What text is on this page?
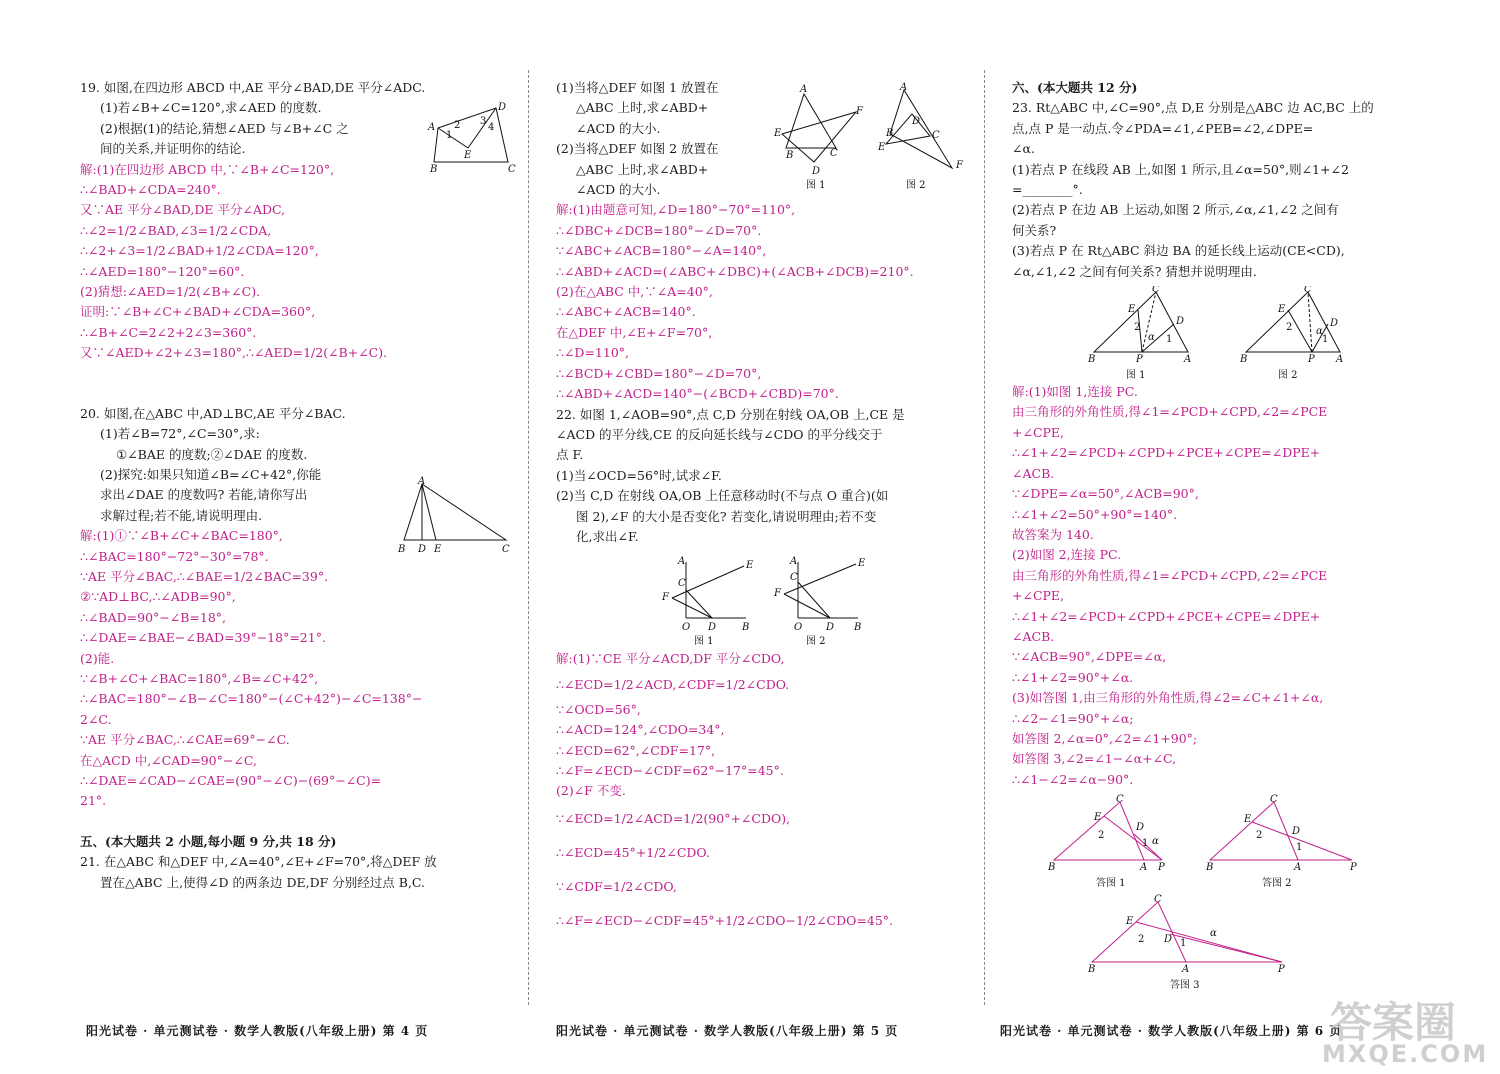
19. 如图,在四边形 ABCD 中,AE 平分∠BAD,DE 平分∠ADC.
(1)若∠B+∠C=120°,求∠AED 的度数.
(2)根据(1)的结论,猜想∠AED 与∠B+∠C 之
间的关系,并证明你的结论.
解:(1)在四边形 ABCD 中,∵∠B+∠C=120°,
∴∠BAD+∠CDA=240°.
又∵AE 平分∠BAD,DE 平分∠ADC,
∴∠2=1/2∠BAD,∠3=1/2∠CDA,
∴∠2+∠3=1/2∠BAD+1/2∠CDA=120°,
∴∠AED=180°−120°=60°.
(2)猜想:∠AED=1/2(∠B+∠C).
证明:∵∠B+∠C+∠BAD+∠CDA=360°,
∴∠B+∠C=2∠2+2∠3=360°.
又∵∠AED+∠2+∠3=180°,∴∠AED=1/2(∠B+∠C).
20. 如图,在△ABC 中,AD⊥BC,AE 平分∠BAC.
(1)若∠B=72°,∠C=30°,求:
①∠BAE 的度数;②∠DAE 的度数.
(2)探究:如果只知道∠B=∠C+42°,你能
求出∠DAE 的度数吗? 若能,请你写出
求解过程;若不能,请说明理由.
解:(1)①∵∠B+∠C+∠BAC=180°,
∴∠BAC=180°−72°−30°=78°.
∵AE 平分∠BAC,∴∠BAE=1/2∠BAC=39°.
②∵AD⊥BC,∴∠ADB=90°,
∴∠BAD=90°−∠B=18°,
∴∠DAE=∠BAE−∠BAD=39°−18°=21°.
(2)能.
∵∠B+∠C+∠BAC=180°,∠B=∠C+42°,
∴∠BAC=180°−∠B−∠C=180°−(∠C+42°)−∠C=138°−
2∠C.
∵AE 平分∠BAC,∴∠CAE=69°−∠C.
在△ACD 中,∠CAD=90°−∠C,
∴∠DAE=∠CAD−∠CAE=(90°−∠C)−(69°−∠C)=
21°.
五、(本大题共 2 小题,每小题 9 分,共 18 分)
21. 在△ABC 和△DEF 中,∠A=40°,∠E+∠F=70°,将△DEF 放
置在△ABC 上,使得∠D 的两条边 DE,DF 分别经过点 B,C.
A
D
B	C
E
1
2 3
4
A
B D E	C
(1)当将△DEF 如图 1 放置在
△ABC 上时,求∠ABD+
∠ACD 的大小.
(2)当将△DEF 如图 2 放置在
△ABC 上时,求∠ABD+
∠ACD 的大小.
解:(1)由题意可知,∠D=180°−70°=110°,
∴∠DBC+∠DCB=180°−∠D=70°.
∵∠ABC+∠ACB=180°−∠A=140°,
∴∠ABD+∠ACD=(∠ABC+∠DBC)+(∠ACB+∠DCB)=210°.
(2)在△ABC 中,∵∠A=40°,
∴∠ABC+∠ACB=140°.
在△DEF 中,∠E+∠F=70°,
∴∠D=110°,
∴∠BCD+∠CBD=180°−∠D=70°,
∴∠ABD+∠ACD=140°−(∠BCD+∠CBD)=70°.
22. 如图 1,∠AOB=90°,点 C,D 分别在射线 OA,OB 上,CE 是
∠ACD 的平分线,CE 的反向延长线与∠CDO 的平分线交于
点 F.
(1)当∠OCD=56°时,试求∠F.
(2)当 C,D 在射线 OA,OB 上任意移动时(不与点 O 重合)(如
图 2),∠F 的大小是否变化? 若变化,请说明理由;若不变
化,求出∠F.
解:(1)∵CE 平分∠ACD,DF 平分∠CDO,
∴∠ECD=1/2∠ACD,∠CDF=1/2∠CDO.
∵∠OCD=56°,
∴∠ACD=124°,∠CDO=34°,
∴∠ECD=62°,∠CDF=17°,
∴∠F=∠ECD−∠CDF=62°−17°=45°.
(2)∠F 不变.
∵∠ECD=1/2∠ACD=1/2(90°+∠CDO),
∴∠ECD=45°+1/2∠CDO.
∵∠CDF=1/2∠CDO,
∴∠F=∠ECD−∠CDF=45°+1/2∠CDO−1/2∠CDO=45°.
A
E
F
B	C
D
图 1
A
D
B	C
E
F
图 2
A	E
C
F
O D	B
图 1
A	E
C
F
O D B
图 2
六、(本大题共 12 分)
23. Rt△ABC 中,∠C=90°,点 D,E 分别是△ABC 边 AC,BC 上的
点,点 P 是一动点.令∠PDA=∠1,∠PEB=∠2,∠DPE=
∠α.
(1)若点 P 在线段 AB 上,如图 1 所示,且∠α=50°,则∠1+∠2
=________°.
(2)若点 P 在边 AB 上运动,如图 2 所示,∠α,∠1,∠2 之间有
何关系?
(3)若点 P 在 Rt△ABC 斜边 BA 的延长线上运动(CE<CD),
∠α,∠1,∠2 之间有何关系? 猜想并说明理由.
解:(1)如图 1,连接 PC.
由三角形的外角性质,得∠1=∠PCD+∠CPD,∠2=∠PCE
+∠CPE,
∴∠1+∠2=∠PCD+∠CPD+∠PCE+∠CPE=∠DPE+
∠ACB.
∵∠DPE=∠α=50°,∠ACB=90°,
∴∠1+∠2=50°+90°=140°.
故答案为 140.
(2)如图 2,连接 PC.
由三角形的外角性质,得∠1=∠PCD+∠CPD,∠2=∠PCE
+∠CPE,
∴∠1+∠2=∠PCD+∠CPD+∠PCE+∠CPE=∠DPE+
∠ACB.
∵∠ACB=90°,∠DPE=∠α,
∴∠1+∠2=90°+∠α.
(3)如答图 1,由三角形的外角性质,得∠2=∠C+∠1+∠α,
∴∠2−∠1=90°+∠α;
如答图 2,∠α=0°,∠2=∠1+90°;
如答图 3,∠2=∠1−∠α+∠C,
∴∠1−∠2=∠α−90°.
C
E
D
B	P	A
2
1
α
图 1
C
E
D
B	P A
2
1
α
图 2
C
E
D
B	A P
2
1 α
答图 1
C
E
D
B	A	P
2
1
答图 2
C
E
D
B	A	P
2	1
α
答图 3
阳光试卷 · 单元测试卷 · 数学人教版(八年级上册) 第 4 页	阳光试卷 · 单元测试卷 · 数学人教版(八年级上册) 第 5 页	阳光试卷 · 单元测试卷 · 数学人教版(八年级上册) 第 6 页
答案圈
MXQE.COM
